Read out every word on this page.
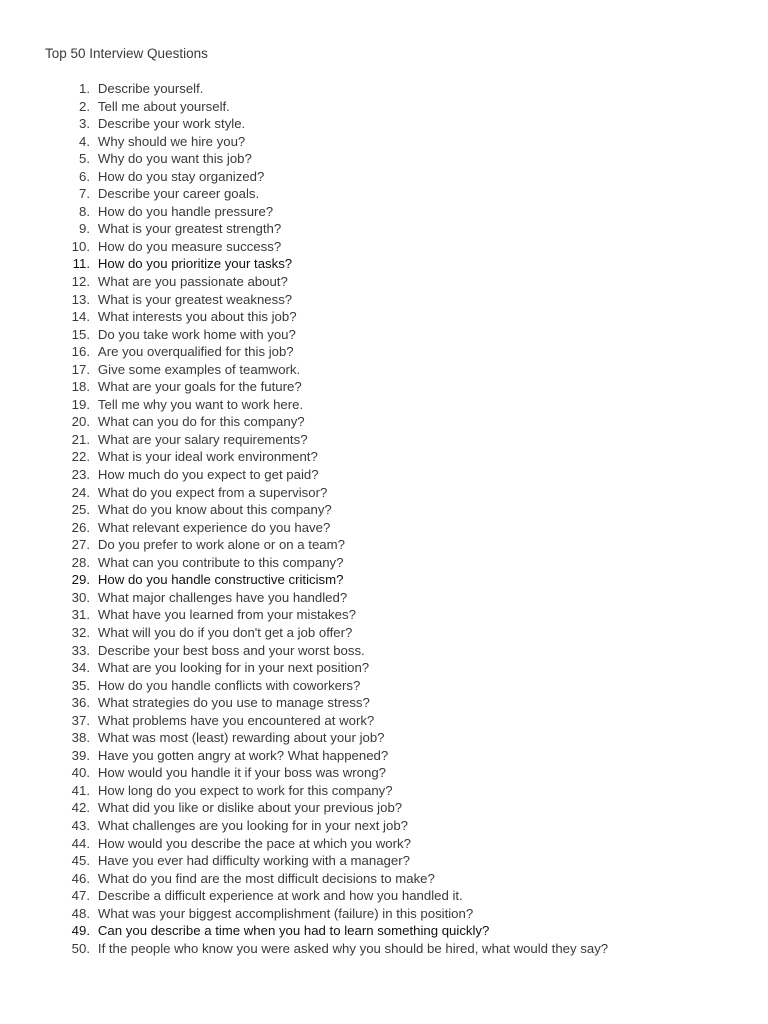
Top 50 Interview Questions
1. Describe yourself.
2. Tell me about yourself.
3. Describe your work style.
4. Why should we hire you?
5. Why do you want this job?
6. How do you stay organized?
7. Describe your career goals.
8. How do you handle pressure?
9. What is your greatest strength?
10. How do you measure success?
11. How do you prioritize your tasks?
12. What are you passionate about?
13. What is your greatest weakness?
14. What interests you about this job?
15. Do you take work home with you?
16. Are you overqualified for this job?
17. Give some examples of teamwork.
18. What are your goals for the future?
19. Tell me why you want to work here.
20. What can you do for this company?
21. What are your salary requirements?
22. What is your ideal work environment?
23. How much do you expect to get paid?
24. What do you expect from a supervisor?
25. What do you know about this company?
26. What relevant experience do you have?
27. Do you prefer to work alone or on a team?
28. What can you contribute to this company?
29. How do you handle constructive criticism?
30. What major challenges have you handled?
31. What have you learned from your mistakes?
32. What will you do if you don't get a job offer?
33. Describe your best boss and your worst boss.
34. What are you looking for in your next position?
35. How do you handle conflicts with coworkers?
36. What strategies do you use to manage stress?
37. What problems have you encountered at work?
38. What was most (least) rewarding about your job?
39. Have you gotten angry at work? What happened?
40. How would you handle it if your boss was wrong?
41. How long do you expect to work for this company?
42. What did you like or dislike about your previous job?
43. What challenges are you looking for in your next job?
44. How would you describe the pace at which you work?
45. Have you ever had difficulty working with a manager?
46. What do you find are the most difficult decisions to make?
47. Describe a difficult experience at work and how you handled it.
48. What was your biggest accomplishment (failure) in this position?
49. Can you describe a time when you had to learn something quickly?
50. If the people who know you were asked why you should be hired, what would they say?
